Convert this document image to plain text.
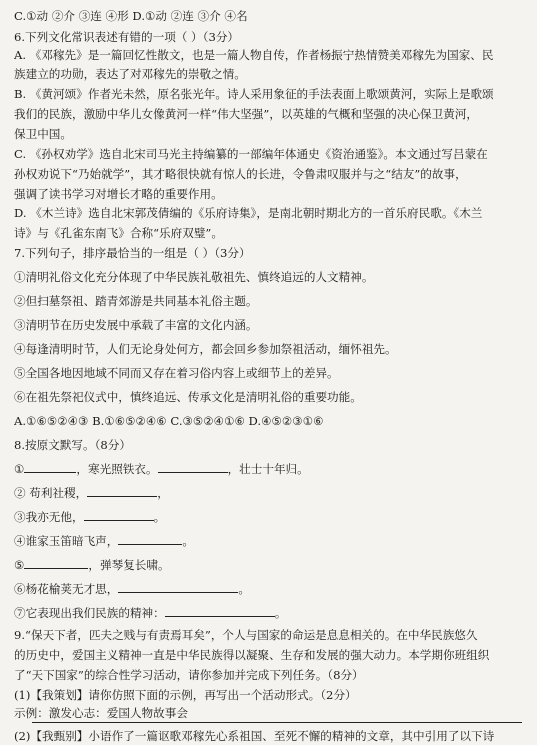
C.①动 ②介 ③连 ④形 D.①动 ②连 ③介 ④名
6.下列文化常识表述有错的一项（ ）（3分）
A. 《邓稼先》是一篇回忆性散文，也是一篇人物自传，作者杨振宁热情赞美邓稼先为国家、民
族建立的功勋，表达了对邓稼先的崇敬之情。
B. 《黄河颂》作者光未然，原名张光年。诗人采用象征的手法表面上歌颂黄河，实际上是歌颂
我们的民族，激励中华儿女像黄河一样“伟大坚强”，以英雄的气概和坚强的决心保卫黄河，
保卫中国。
C. 《孙权劝学》选自北宋司马光主持编纂的一部编年体通史《资治通鉴》。本文通过写吕蒙在
孙权劝说下“乃始就学”，其才略很快就有惊人的长进，令鲁肃叹服并与之“结友”的故事，
强调了读书学习对增长才略的重要作用。
D. 《木兰诗》选自北宋郭茂倩编的《乐府诗集》，是南北朝时期北方的一首乐府民歌。《木兰
诗》与《孔雀东南飞》合称“乐府双璧”。
7.下列句子，排序最恰当的一组是（ ）（3分）
①清明礼俗文化充分体现了中华民族礼敬祖先、慎终追远的人文精神。
②但扫墓祭祖、踏青郊游是共同基本礼俗主题。
③清明节在历史发展中承载了丰富的文化内涵。
④每逢清明时节，人们无论身处何方，都会回乡参加祭祖活动，缅怀祖先。
⑤全国各地因地域不同而又存在着习俗内容上或细节上的差异。
⑥在祖先祭祀仪式中，慎终追远、传承文化是清明礼俗的重要功能。
A.①⑥⑤②④③ B.①⑥⑤②④⑥ C.③⑤②④①⑥ D.④⑤②③①⑥
8.按原文默写。（8分）
①	，寒光照铁衣。	，壮士十年归。
② 苟利社稷，	，
③我亦无他，	。
④谁家玉笛暗飞声，	。
⑤	，弹琴复长啸。
⑥杨花榆荚无才思，	。
⑦它表现出我们民族的精神：	。
9.“保天下者，匹夫之贱与有责焉耳矣”，个人与国家的命运是息息相关的。在中华民族悠久
的历史中，爱国主义精神一直是中华民族得以凝聚、生存和发展的强大动力。本学期你班组织
了“天下国家”的综合性学习活动，请你参加并完成下列任务。（8分）
(1)【我策划】请你仿照下面的示例，再写出一个活动形式。（2分）
示例：激发心志：爱国人物故事会
(2)【我甄别】小语作了一篇讴歌邓稼先心系祖国、至死不懈的精神的文章，其中引用了以下诗
